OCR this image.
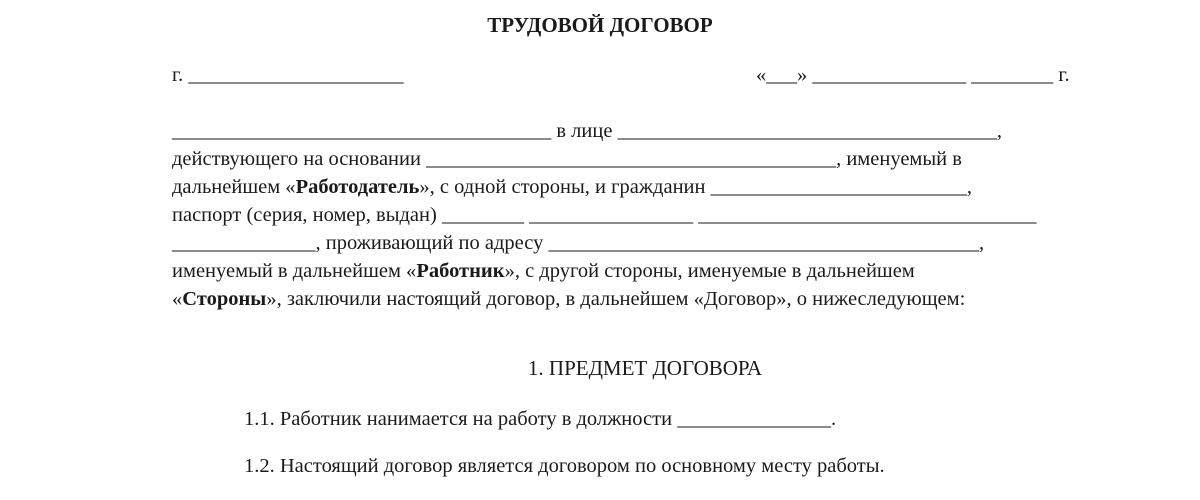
ТРУДОВОЙ ДОГОВОР
г. _____________________	«___» _______________ ________ г.
_____________________________________ в лице _____________________________________,
действующего на основании ________________________________________, именуемый в
дальнейшем «Работодатель», с одной стороны, и гражданин _________________________,
паспорт (серия, номер, выдан) ________ ________________ _________________________________
______________, проживающий по адресу __________________________________________,
именуемый в дальнейшем «Работник», с другой стороны, именуемые в дальнейшем
«Стороны», заключили настоящий договор, в дальнейшем «Договор», о нижеследующем:
1. ПРЕДМЕТ ДОГОВОРА
1.1. Работник нанимается на работу в должности _______________.
1.2. Настоящий договор является договором по основному месту работы.
